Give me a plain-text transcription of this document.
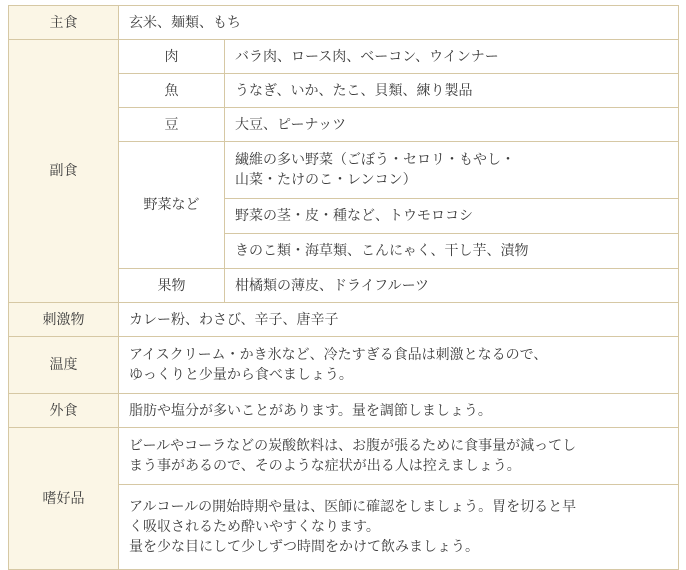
主食	玄米、麺類、もち	
副食	肉	バラ肉、ロース肉、ベーコン、ウインナー
	魚	うなぎ、いか、たこ、貝類、練り製品
	豆	大豆、ピーナッツ
	野菜など	繊維の多い野菜（ごぼう・セロリ・もやし・
山菜・たけのこ・レンコン）

		野菜の茎・皮・種など、トウモロコシ
		きのこ類・海草類、こんにゃく、干し芋、漬物
	果物	柑橘類の薄皮、ドライフルーツ
刺激物	カレー粉、わさび、辛子、唐辛子	
温度	アイスクリーム・かき氷など、冷たすぎる食品は刺激となるので、
ゆっくりと少量から食べましょう。	

外食	脂肪や塩分が多いことがあります。量を調節しましょう。	
嗜好品	ビールやコーラなどの炭酸飲料は、お腹が張るために食事量が減ってし
まう事があるので、そのような症状が出る人は控えましょう。	

	アルコールの開始時期や量は、医師に確認をしましょう。胃を切ると早
く吸収されるため酔いやすくなります。
量を少な目にして少しずつ時間をかけて飲みましょう。	
